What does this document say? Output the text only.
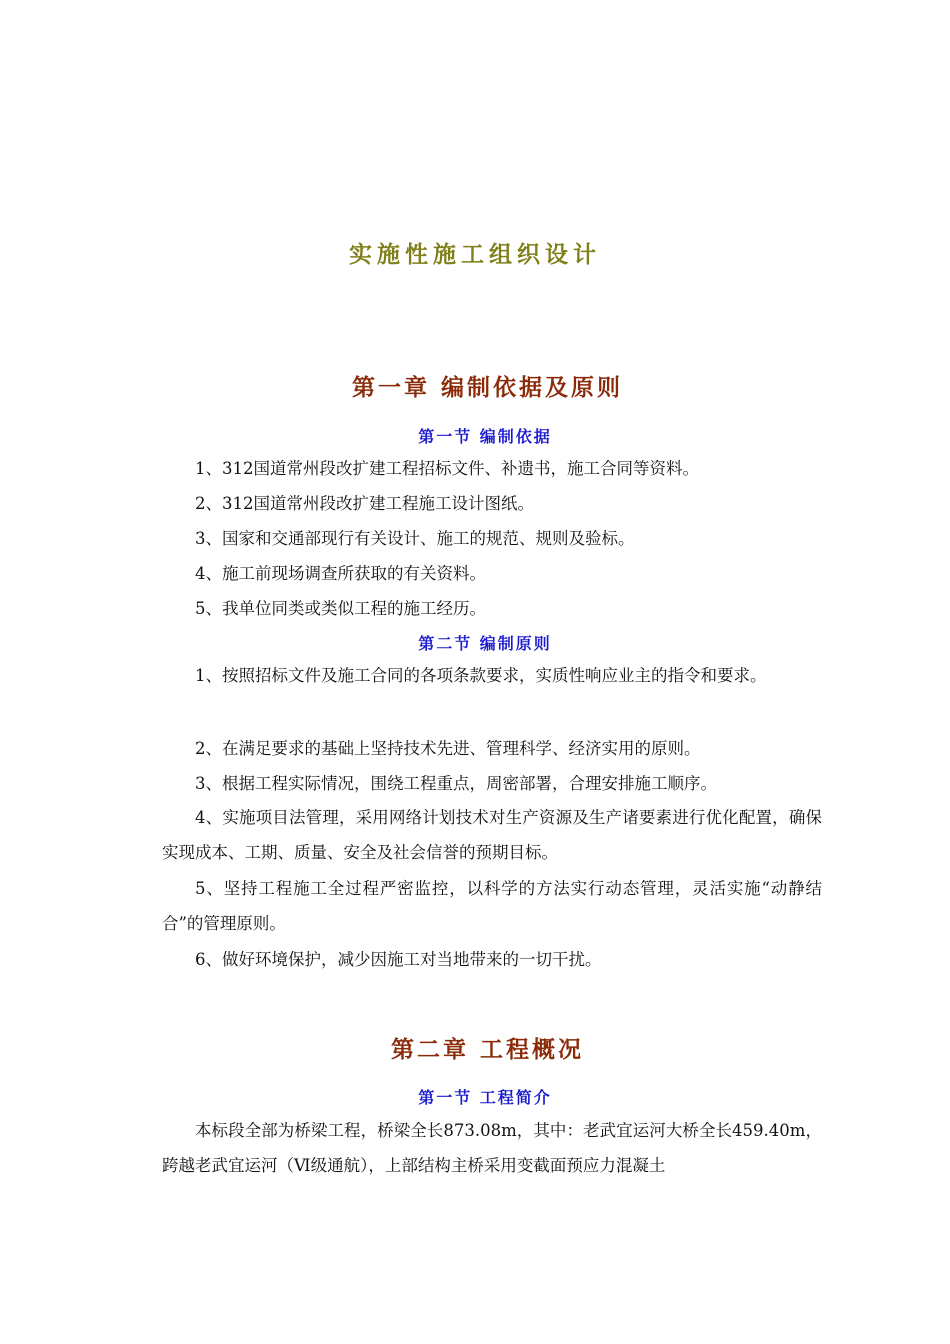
实施性施工组织设计
第一章 编制依据及原则
第一节 编制依据
1、312国道常州段改扩建工程招标文件、补遗书，施工合同等资料。
2、312国道常州段改扩建工程施工设计图纸。
3、国家和交通部现行有关设计、施工的规范、规则及验标。
4、施工前现场调查所获取的有关资料。
5、我单位同类或类似工程的施工经历。
第二节 编制原则
1、按照招标文件及施工合同的各项条款要求，实质性响应业主的指令和要求。
2、在满足要求的基础上坚持技术先进、管理科学、经济实用的原则。
3、根据工程实际情况，围绕工程重点，周密部署，合理安排施工顺序。
4、实施项目法管理，采用网络计划技术对生产资源及生产诸要素进行优化配置，确保实现成本、工期、质量、安全及社会信誉的预期目标。
5、坚持工程施工全过程严密监控，以科学的方法实行动态管理，灵活实施“动静结合”的管理原则。
6、做好环境保护，减少因施工对当地带来的一切干扰。
第二章 工程概况
第一节 工程简介
本标段全部为桥梁工程，桥梁全长873.08m，其中：老武宜运河大桥全长459.40m，跨越老武宜运河（Ⅵ级通航），上部结构主桥采用变截面预应力混凝土
